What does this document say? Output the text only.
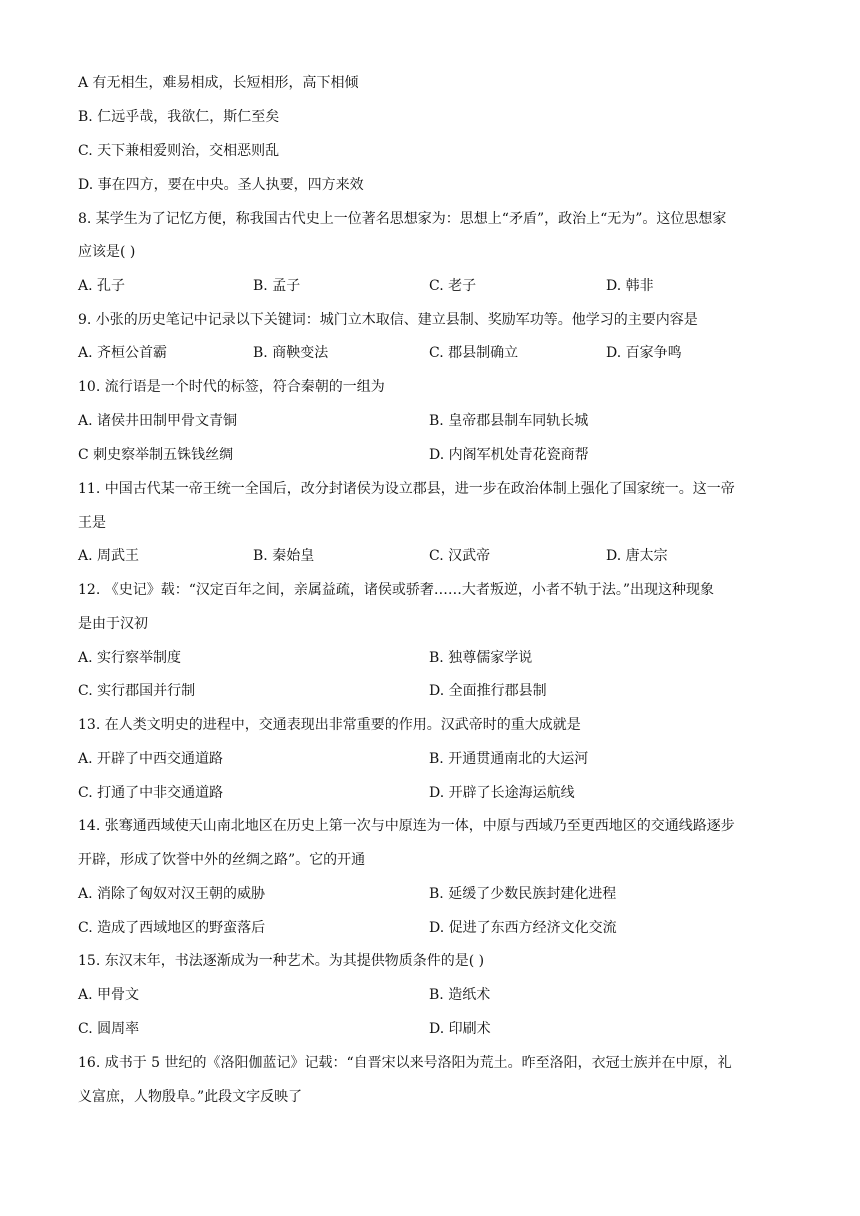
A 有无相生，难易相成，长短相形，高下相倾
B. 仁远乎哉，我欲仁，斯仁至矣
C. 天下兼相爱则治，交相恶则乱
D. 事在四方，要在中央。圣人执要，四方来效
8. 某学生为了记忆方便，称我国古代史上一位著名思想家为：思想上“矛盾”，政治上“无为”。这位思想家
应该是( )
A. 孔子	B. 孟子	C. 老子	D. 韩非
9. 小张的历史笔记中记录以下关键词：城门立木取信、建立县制、奖励军功等。他学习的主要内容是
A. 齐桓公首霸	B. 商鞅变法	C. 郡县制确立	D. 百家争鸣
10. 流行语是一个时代的标签，符合秦朝的一组为
A. 诸侯井田制甲骨文青铜	B. 皇帝郡县制车同轨长城
C 刺史察举制五铢钱丝绸	D. 内阁军机处青花瓷商帮
11. 中国古代某一帝王统一全国后，改分封诸侯为设立郡县，进一步在政治体制上强化了国家统一。这一帝
王是
A. 周武王	B. 秦始皇	C. 汉武帝	D. 唐太宗
12. 《史记》载：“汉定百年之间，亲属益疏，诸侯或骄奢……大者叛逆，小者不轨于法。”出现这种现象
是由于汉初
A. 实行察举制度	B. 独尊儒家学说
C. 实行郡国并行制	D. 全面推行郡县制
13. 在人类文明史的进程中，交通表现出非常重要的作用。汉武帝时的重大成就是
A. 开辟了中西交通道路	B. 开通贯通南北的大运河
C. 打通了中非交通道路	D. 开辟了长途海运航线
14. 张骞通西域使天山南北地区在历史上第一次与中原连为一体，中原与西域乃至更西地区的交通线路逐步
开辟，形成了饮誉中外的丝绸之路”。它的开通
A. 消除了匈奴对汉王朝的威胁	B. 延缓了少数民族封建化进程
C. 造成了西域地区的野蛮落后	D. 促进了东西方经济文化交流
15. 东汉末年，书法逐渐成为一种艺术。为其提供物质条件的是( )
A. 甲骨文	B. 造纸术
C. 圆周率	D. 印刷术
16. 成书于 5 世纪的《洛阳伽蓝记》记载：“自晋宋以来号洛阳为荒土。昨至洛阳，衣冠士族并在中原，礼
义富庶，人物殷阜。”此段文字反映了
